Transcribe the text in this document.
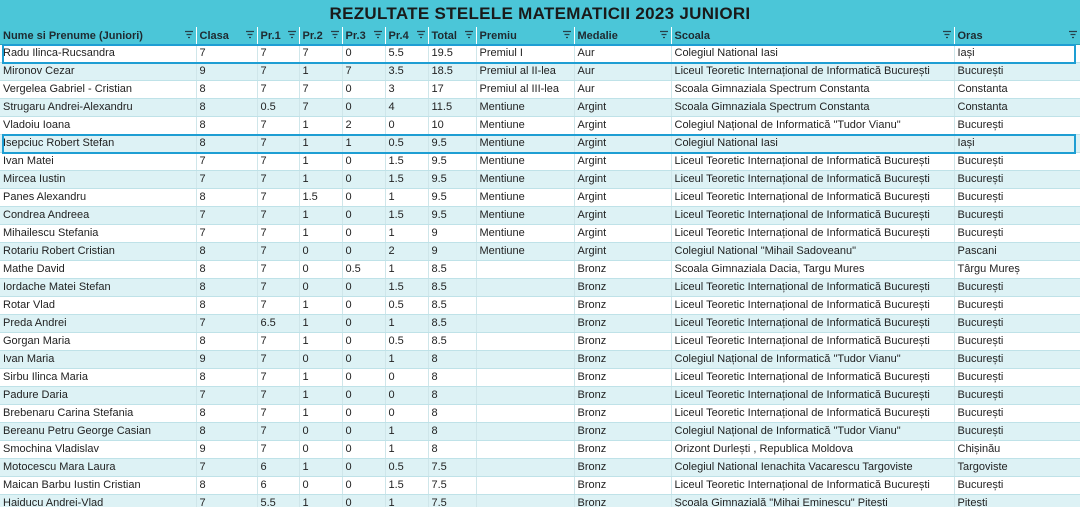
REZULTATE STELELE MATEMATICII 2023 JUNIORI
Nume si Prenume (Juniori)	Clasa	Pr.1	Pr.2	Pr.3	Pr.4	Total	Premiu	Medalie	Scoala	Oras

Radu Ilinca-Rucsandra	7	7	7	0	5.5	19.5	Premiul I	Aur	Colegiul National Iasi	Iași
Mironov Cezar	9	7	1	7	3.5	18.5	Premiul al II-lea	Aur	Liceul Teoretic Internațional de Informatică București	București
Vergelea Gabriel - Cristian	8	7	7	0	3	17	Premiul al III-lea	Aur	Scoala Gimnaziala Spectrum Constanta	Constanta
Strugaru Andrei-Alexandru	8	0.5	7	0	4	11.5	Mentiune	Argint	Scoala Gimnaziala Spectrum Constanta	Constanta
Vladoiu Ioana	8	7	1	2	0	10	Mentiune	Argint	Colegiul Național de Informatică "Tudor Vianu"	București
Isepciuc Robert Stefan	8	7	1	1	0.5	9.5	Mentiune	Argint	Colegiul National Iasi	Iași
Ivan Matei	7	7	1	0	1.5	9.5	Mentiune	Argint	Liceul Teoretic Internațional de Informatică București	București
Mircea Iustin	7	7	1	0	1.5	9.5	Mentiune	Argint	Liceul Teoretic Internațional de Informatică București	București
Panes Alexandru	8	7	1.5	0	1	9.5	Mentiune	Argint	Liceul Teoretic Internațional de Informatică București	București
Condrea Andreea	7	7	1	0	1.5	9.5	Mentiune	Argint	Liceul Teoretic Internațional de Informatică București	București
Mihailescu Stefania	7	7	1	0	1	9	Mentiune	Argint	Liceul Teoretic Internațional de Informatică București	București
Rotariu Robert Cristian	8	7	0	0	2	9	Mentiune	Argint	Colegiul National "Mihail Sadoveanu"	Pascani
Mathe David	8	7	0	0.5	1	8.5		Bronz	Scoala Gimnaziala Dacia, Targu Mures	Târgu Mureș
Iordache Matei Stefan	8	7	0	0	1.5	8.5		Bronz	Liceul Teoretic Internațional de Informatică București	București
Rotar Vlad	8	7	1	0	0.5	8.5		Bronz	Liceul Teoretic Internațional de Informatică București	București
Preda Andrei	7	6.5	1	0	1	8.5		Bronz	Liceul Teoretic Internațional de Informatică București	București
Gorgan Maria	8	7	1	0	0.5	8.5		Bronz	Liceul Teoretic Internațional de Informatică București	București
Ivan Maria	9	7	0	0	1	8		Bronz	Colegiul Național de Informatică "Tudor Vianu"	București
Sirbu Ilinca Maria	8	7	1	0	0	8		Bronz	Liceul Teoretic Internațional de Informatică București	București
Padure Daria	7	7	1	0	0	8		Bronz	Liceul Teoretic Internațional de Informatică București	București
Brebenaru Carina Stefania	8	7	1	0	0	8		Bronz	Liceul Teoretic Internațional de Informatică București	București
Bereanu Petru George Casian	8	7	0	0	1	8		Bronz	Colegiul Național de Informatică "Tudor Vianu"	București
Smochina Vladislav	9	7	0	0	1	8		Bronz	Orizont Durlești , Republica Moldova	Chișinău
Motocescu Mara Laura	7	6	1	0	0.5	7.5		Bronz	Colegiul National Ienachita Vacarescu Targoviste	Targoviste
Maican Barbu Iustin Cristian	8	6	0	0	1.5	7.5		Bronz	Liceul Teoretic Internațional de Informatică București	București
Haiducu Andrei-Vlad	7	5.5	1	0	1	7.5		Bronz	Școala Gimnazială "Mihai Eminescu" Pitești	Pitești
